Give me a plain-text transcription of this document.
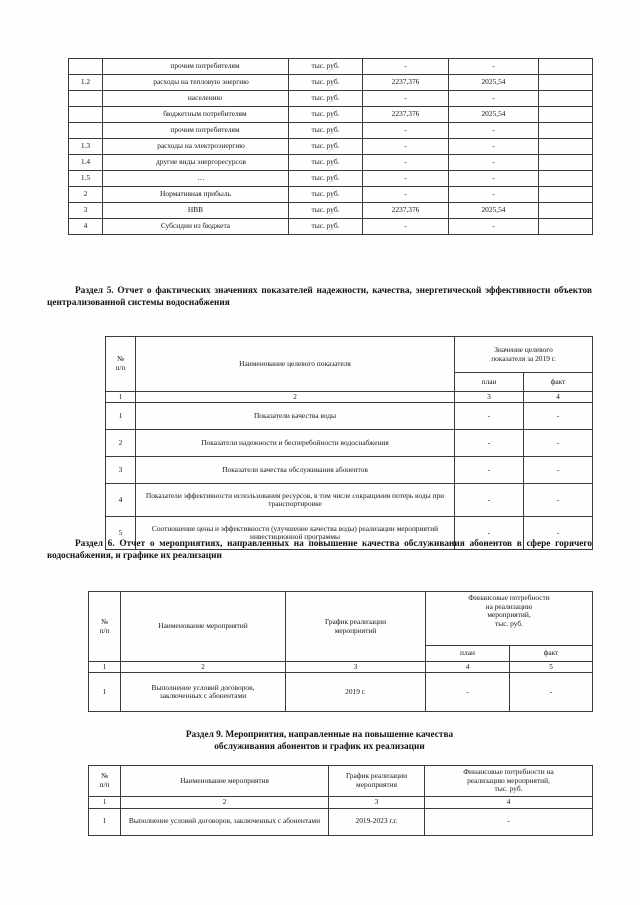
	прочим потребителям	тыс. руб.	-	-	
1.2	расходы на тепловую энергию	тыс. руб.	2237,376	2025,54	
	населению	тыс. руб.	-	-	
	бюджетным потребителям	тыс. руб.	2237,376	2025,54	
	прочим потребителям	тыс. руб.	-	-	
1.3	расходы на электроэнергию	тыс. руб.	-	-	
1.4	другие виды энергоресурсов	тыс. руб.	-	-	
1.5	…	тыс. руб.	-	-	
2	Нормативная прибыль	тыс. руб.	-	-	
3	НВВ	тыс. руб.	2237,376	2025,54	
4	Субсидии из бюджета	тыс. руб.	-	-	
Раздел 5. Отчет о фактических значениях показателей надежности, качества, энергетической эффективности объектов централизованной системы водоснабжения
№
п/п	Наименование целевого показателя	Значение целевого
показателя за 2019 г.	
		план	факт
1	2	3	4
1	Показатели качества воды	-	-
2	Показатели надежности и бесперебойности водоснабжения	-	-
3	Показатели качества обслуживания абонентов	-	-
4	Показатели эффективности использования ресурсов, в том числе сокращения потерь воды при транспортировке	-	-
5	Соотношение цены и эффективности (улучшение качества воды) реализации мероприятий инвестиционной программы	-	-
Раздел 6. Отчет о мероприятиях, направленных на повышение качества обслуживания абонентов в сфере горячего водоснабжения, и графике их реализации
№
п/п	Наименование мероприятий	График реализации
мероприятий	Финансовые потребности
на реализацию
мероприятий,
тыс. руб.	
			план	факт
1	2	3	4	5
1	Выполнение условий договоров,
заключенных с абонентами	2019 г.	-	-
Раздел 9. Мероприятия, направленные на повышение качества
обслуживания абонентов и график их реализации
№
п/п	Наименование мероприятия	График реализации
мероприятия	Финансовые потребности на
реализацию мероприятий,
тыс. руб.
1	2	3	4
1	Выполнение условий договоров, заключенных с абонентами	2019-2023 г.г.	-
